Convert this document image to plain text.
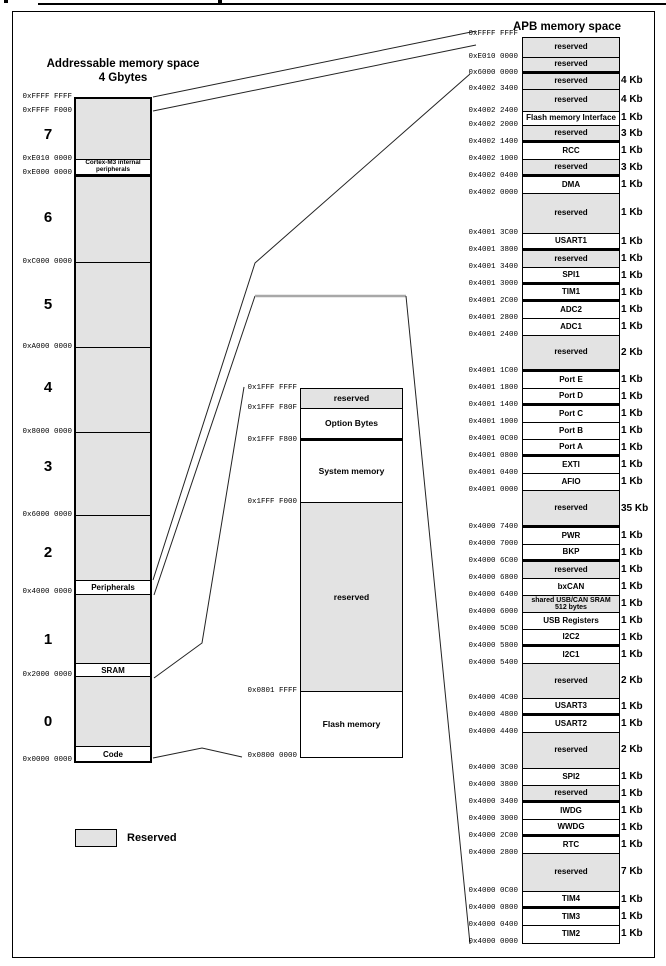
Addressable memory space
4 Gbytes
Cortex-M3 internal
peripherals
Peripherals
SRAM
Code
0xFFFF FFFF
0xFFFF F000
0xE010 0000
0xE000 0000
0xC000 0000
0xA000 0000
0x8000 0000
0x6000 0000
0x4000 0000
0x2000 0000
0x0000 0000
7
6
5
4
3
2
1
0
reserved
Option Bytes
System memory
reserved
Flash memory
0x1FFF FFFF
0x1FFF F80F
0x1FFF F800
0x1FFF F000
0x0801 FFFF
0x0800 0000
APB memory space
reserved
reserved
reserved
reserved
Flash memory Interface
reserved
RCC
reserved
DMA
reserved
USART1
reserved
SPI1
TIM1
ADC2
ADC1
reserved
Port E
Port D
Port C
Port B
Port A
EXTI
AFIO
reserved
PWR
BKP
reserved
bxCAN
shared USB/CAN SRAM
512 bytes
USB Registers
I2C2
I2C1
reserved
USART3
USART2
reserved
SPI2
reserved
IWDG
WWDG
RTC
reserved
TIM4
TIM3
TIM2
0xFFFF FFFF
0xE010 0000
0x6000 0000
0x4002 3400
0x4002 2400
0x4002 2000
0x4002 1400
0x4002 1000
0x4002 0400
0x4002 0000
0x4001 3C00
0x4001 3800
0x4001 3400
0x4001 3000
0x4001 2C00
0x4001 2800
0x4001 2400
0x4001 1C00
0x4001 1800
0x4001 1400
0x4001 1000
0x4001 0C00
0x4001 0800
0x4001 0400
0x4001 0000
0x4000 7400
0x4000 7000
0x4000 6C00
0x4000 6800
0x4000 6400
0x4000 6000
0x4000 5C00
0x4000 5800
0x4000 5400
0x4000 4C00
0x4000 4800
0x4000 4400
0x4000 3C00
0x4000 3800
0x4000 3400
0x4000 3000
0x4000 2C00
0x4000 2800
0x4000 0C00
0x4000 0800
0x4000 0400
0x4000 0000
4 Kb
4 Kb
1 Kb
3 Kb
1 Kb
3 Kb
1 Kb
1 Kb
1 Kb
1 Kb
1 Kb
1 Kb
1 Kb
1 Kb
2 Kb
1 Kb
1 Kb
1 Kb
1 Kb
1 Kb
1 Kb
1 Kb
35 Kb
1 Kb
1 Kb
1 Kb
1 Kb
1 Kb
1 Kb
1 Kb
1 Kb
2 Kb
1 Kb
1 Kb
2 Kb
1 Kb
1 Kb
1 Kb
1 Kb
1 Kb
7 Kb
1 Kb
1 Kb
1 Kb
Reserved
